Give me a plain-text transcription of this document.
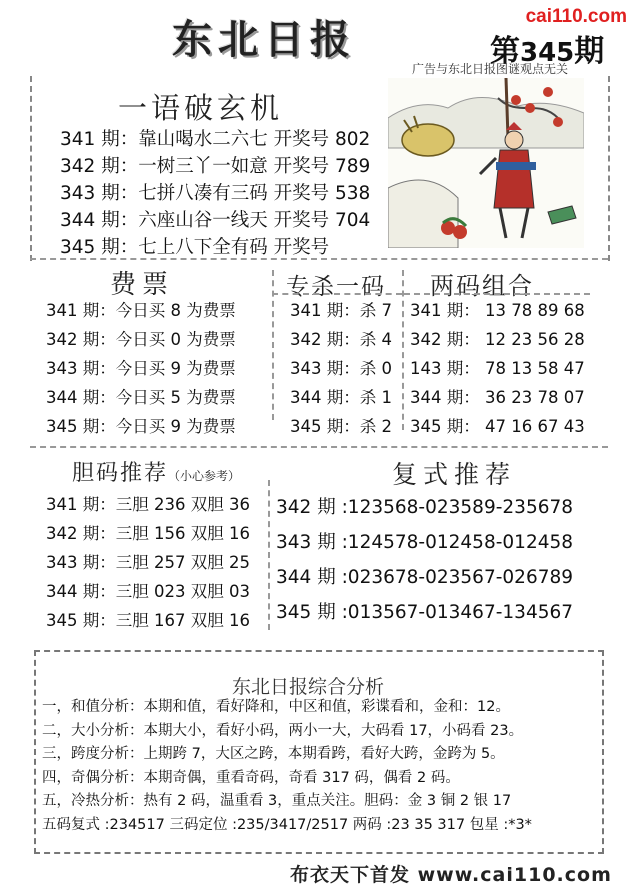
cai110.com
东北日报	第345期
广告与东北日报图谜观点无关
一语破玄机
341 期：靠山喝水二六七 开奖号 802
342 期：一树三丫一如意 开奖号 789
343 期：七拼八凑有三码 开奖号 538
344 期：六座山谷一线天 开奖号 704
345 期：七上八下全有码 开奖号
费票	专杀一码 两码组合
341 期：今日买 8 为费票
342 期：今日买 0 为费票
343 期：今日买 9 为费票
344 期：今日买 5 为费票
345 期：今日买 9 为费票
341 期：杀 7
342 期：杀 4
343 期：杀 0
344 期：杀 1
345 期：杀 2
341 期： 13 78 89 68
342 期： 12 23 56 28
143 期： 78 13 58 47
344 期： 36 23 78 07
345 期： 47 16 67 43
胆码推荐（小心参考）
341 期：三胆 236 双胆 36
342 期：三胆 156 双胆 16
343 期：三胆 257 双胆 25
344 期：三胆 023 双胆 03
345 期：三胆 167 双胆 16
复式推荐
342 期 :123568-023589-235678
343 期 :124578-012458-012458
344 期 :023678-023567-026789
345 期 :013567-013467-134567
东北日报综合分析
一，和值分析：本期和值，看好降和，中区和值，彩谍看和，金和：12。
二，大小分析：本期大小，看好小码，两小一大，大码看 17，小码看 23。
三，跨度分析：上期跨 7，大区之跨，本期看跨，看好大跨，金跨为 5。
四，奇偶分析：本期奇偶，重看奇码，奇看 317 码，偶看 2 码。
五，冷热分析：热有 2 码，温重看 3，重点关注。胆码：金 3 铜 2 银 17
五码复式 :234517 三码定位 :235/3417/2517 两码 :23 35 317 包星 :*3*
布衣天下首发 www.cai110.com
